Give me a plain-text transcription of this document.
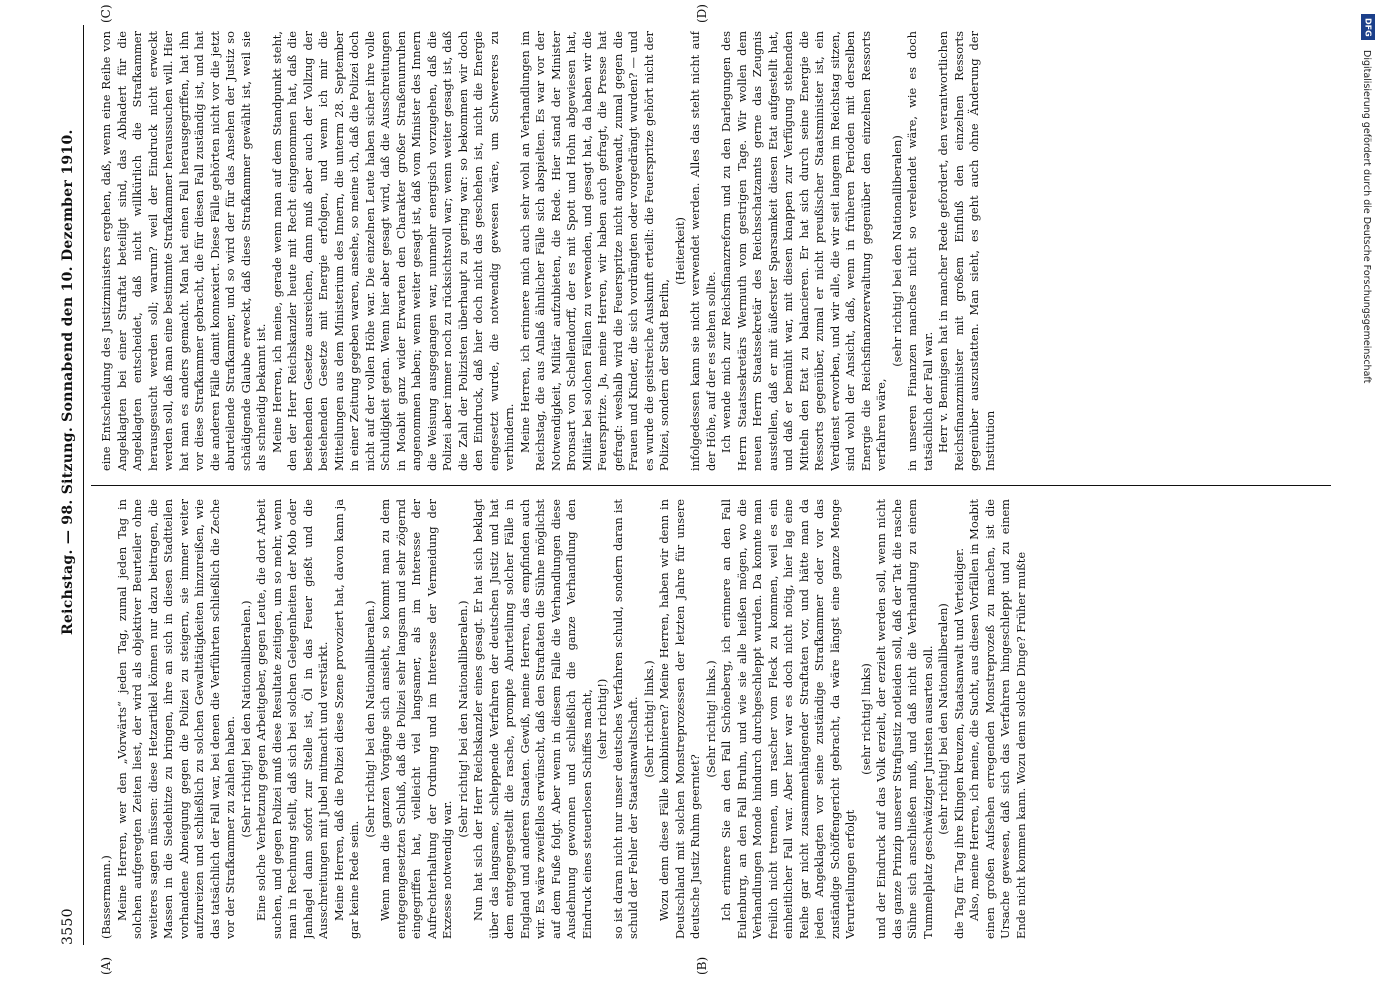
3550
Reichstag. — 98. Sitzung. Sonnabend den 10. Dezember 1910.
(A)	(B)
(C)	(D)

(Bassermann.) Meine Herren, wer den „Vorwärts“ jeden Tag, zumal jeden Tag in solchen aufgeregten Zeiten liest, der wird als objektiver Beurteiler ohne weiteres sagen müssen: diese Hetzartikel können nur dazu beitragen, die Massen in die Siedehitze zu bringen, ihre an sich in diesen Stadtteilen vorhandene Abneigung gegen die Polizei zu steigern, sie immer weiter aufzureizen und schließlich zu solchen Gewalttätigkeiten hinzureißen, wie das tatsächlich der Fall war, bei denen die Verführten schließlich die Zeche vor der Strafkammer zu zahlen haben. (Sehr richtig! bei den Nationalliberalen.) Eine solche Verhetzung gegen Arbeitgeber, gegen Leute, die dort Arbeit suchen, und gegen Polizei muß diese Resultate zeitigen, um so mehr, wenn man in Rechnung stellt, daß sich bei solchen Gelegenheiten der Mob oder Janhagel dann sofort zur Stelle ist, Öl in das Feuer gießt und die Ausschreitungen mit Jubel mitmacht und verstärkt. Meine Herren, daß die Polizei diese Szene provoziert hat, davon kann ja gar keine Rede sein.

(Sehr richtig! bei den Nationalliberalen.) Wenn man die ganzen Vorgänge sich ansieht, so kommt man zu dem entgegengesetzten Schluß, daß die Polizei sehr langsam und sehr zögernd eingegriffen hat, vielleicht viel langsamer, als im Interesse der Aufrechterhaltung der Ordnung und im Interesse der Vermeidung der Exzesse notwendig war.

(Sehr richtig! bei den Nationalliberalen.) Nun hat sich der Herr Reichskanzler eines gesagt. Er hat sich beklagt über das langsame, schleppende Verfahren der deutschen Justiz und hat dem entgegengestellt die rasche, prompte Aburteilung solcher Fälle in England und anderen Staaten. Gewiß, meine Herren, das empfinden auch wir. Es wäre zweifellos erwünscht, daß den Straftaten die Sühne möglichst auf dem Fuße folgt. Aber wenn in diesem Falle die Verhandlungen diese Ausdehnung gewonnen und schließlich die ganze Verhandlung den Eindruck eines steuerlosen Schiffes macht, (sehr richtig!) so ist daran nicht nur unser deutsches Verfahren schuld, sondern daran ist schuld der Fehler der Staatsanwaltschaft. (Sehr richtig! links.) Wozu denn diese Fälle kombinieren? Meine Herren, haben wir denn in Deutschland mit solchen Monstreprozessen der letzten Jahre für unsere deutsche Justiz Ruhm geerntet?

(Sehr richtig! links.) Ich erinnere Sie an den Fall Schöneberg, ich erinnere an den Fall Eulenburg, an den Fall Bruhn, und wie sie alle heißen mögen, wo die Verhandlungen Monde hindurch durchgeschleppt wurden. Da konnte man freilich nicht trennen, um rascher vom Fleck zu kommen, weil es ein einheitlicher Fall war. Aber hier war es doch nicht nötig, hier lag eine Reihe gar nicht zusammenhängender Straftaten vor, und hätte man da jeden Angeklagten vor seine zuständige Strafkammer oder vor das zuständige Schöffengericht gebracht, da wäre längst eine ganze Menge Verurteilungen erfolgt

(sehr richtig! links) und der Eindruck auf das Volk erzielt, der erzielt werden soll, wenn nicht das ganze Prinzip unserer Strafjustiz notleiden soll, daß der Tat die rasche Sühne sich anschließen muß, und daß nicht die Verhandlung zu einem Tummelplatz geschwätziger Juristen ausarten soll. (sehr richtig! bei den Nationalliberalen) die Tag für Tag ihre Klingen kreuzen, Staatsanwalt und Verteidiger. Also, meine Herren, ich meine, die Sucht, aus diesen Vorfällen in Moabit einen großen Aufsehen erregenden Monstreprozeß zu machen, ist die Ursache gewesen, daß sich das Verfahren hingeschleppt und zu einem Ende nicht kommen kann. Wozu denn solche Dinge? Früher mußte

eine Entscheidung des Justizministers ergehen, daß, wenn eine Reihe von Angeklagten bei einer Straftat beteiligt sind, das Abhadert für die Angeklagten entscheidet, daß nicht willkürlich die Strafkammer herausgesucht werden soll; warum? weil der Eindruck nicht erweckt werden soll, daß man eine bestimmte Strafkammer heraussuchen will. Hier hat man es anders gemacht. Man hat einen Fall herausgegriffen, hat ihn vor diese Strafkammer gebracht, die für diesen Fall zuständig ist, und hat die anderen Fälle damit konnexiert. Diese Fälle gehörten nicht vor die jetzt aburteilende Strafkammer, und so wird der für das Ansehen der Justiz so schädigende Glaube erweckt, daß diese Strafkammer gewählt ist, weil sie als schneidig bekannt ist. Meine Herren, ich meine, gerade wenn man auf dem Standpunkt steht, den der Herr Reichskanzler heute mit Recht eingenommen hat, daß die bestehenden Gesetze ausreichen, dann muß aber auch der Vollzug der bestehenden Gesetze mit Energie erfolgen, und wenn ich mir die Mitteilungen aus dem Ministerium des Innern, die unterm 28. September in einer Zeitung gegeben waren, ansehe, so meine ich, daß die Polizei doch nicht auf der vollen Höhe war. Die einzelnen Leute haben sicher ihre volle Schuldigkeit getan. Wenn hier aber gesagt wird, daß die Ausschreitungen in Moabit ganz wider Erwarten den Charakter großer Straßenunruhen angenommen haben; wenn weiter gesagt ist, daß vom Minister des Innern die Weisung ausgegangen war, nunmehr energisch vorzugehen, daß die Polizei aber immer noch zu rücksichtsvoll war; wenn weiter gesagt ist, daß die Zahl der Polizisten überhaupt zu gering war: so bekommen wir doch den Eindruck, daß hier doch nicht das geschehen ist, nicht die Energie eingesetzt wurde, die notwendig gewesen wäre, um Schwereres zu verhindern. Meine Herren, ich erinnere mich auch sehr wohl an Verhandlungen im Reichstag, die aus Anlaß ähnlicher Fälle sich abspielten. Es war vor der Notwendigkeit, Militär aufzubieten, die Rede. Hier stand der Minister Bronsart von Schellendorff, der es mit Spott und Hohn abgewiesen hat, Militär bei solchen Fällen zu verwenden, und gesagt hat, da haben wir die Feuerspritze. Ja, meine Herren, wir haben auch gefragt, die Presse hat gefragt: weshalb wird die Feuerspritze nicht angewandt, zumal gegen die Frauen und Kinder, die sich vordrängten oder vorgedrängt wurden? — und es wurde die geistreiche Auskunft erteilt: die Feuerspritze gehört nicht der Polizei, sondern der Stadt Berlin,

(Heiterkeit) infolgedessen kann sie nicht verwendet werden. Alles das steht nicht auf der Höhe, auf der es stehen sollte. Ich wende mich zur Reichsfinanzreform und zu den Darlegungen des Herrn Staatssekretärs Wermuth vom gestrigen Tage. Wir wollen dem neuen Herrn Staatssekretär des Reichsschatzamts gerne das Zeugnis ausstellen, daß er mit äußerster Sparsamkeit diesen Etat aufgestellt hat, und daß er bemüht war, mit diesen knappen zur Verfügung stehenden Mitteln den Etat zu balancieren. Er hat sich durch seine Energie die Ressorts gegenüber, zumal er nicht preußischer Staatsminister ist, ein Verdienst erworben, und wir alle, die wir seit langem im Reichstag sitzen, sind wohl der Ansicht, daß, wenn in früheren Perioden mit derselben Energie die Reichsfinanzverwaltung gegenüber den einzelnen Ressorts verfahren wäre,

(sehr richtig! bei den Nationalliberalen) in unseren Finanzen manches nicht so verelendet wäre, wie es doch tatsächlich der Fall war. Herr v. Bennigsen hat in mancher Rede gefordert, den verantwortlichen Reichsfinanzminister mit großem Einfluß den einzelnen Ressorts gegenüber auszustatten. Man sieht, es geht auch ohne Änderung der Institution

DFG
Digitalisierung gefördert durch die Deutsche Forschungsgemeinschaft
